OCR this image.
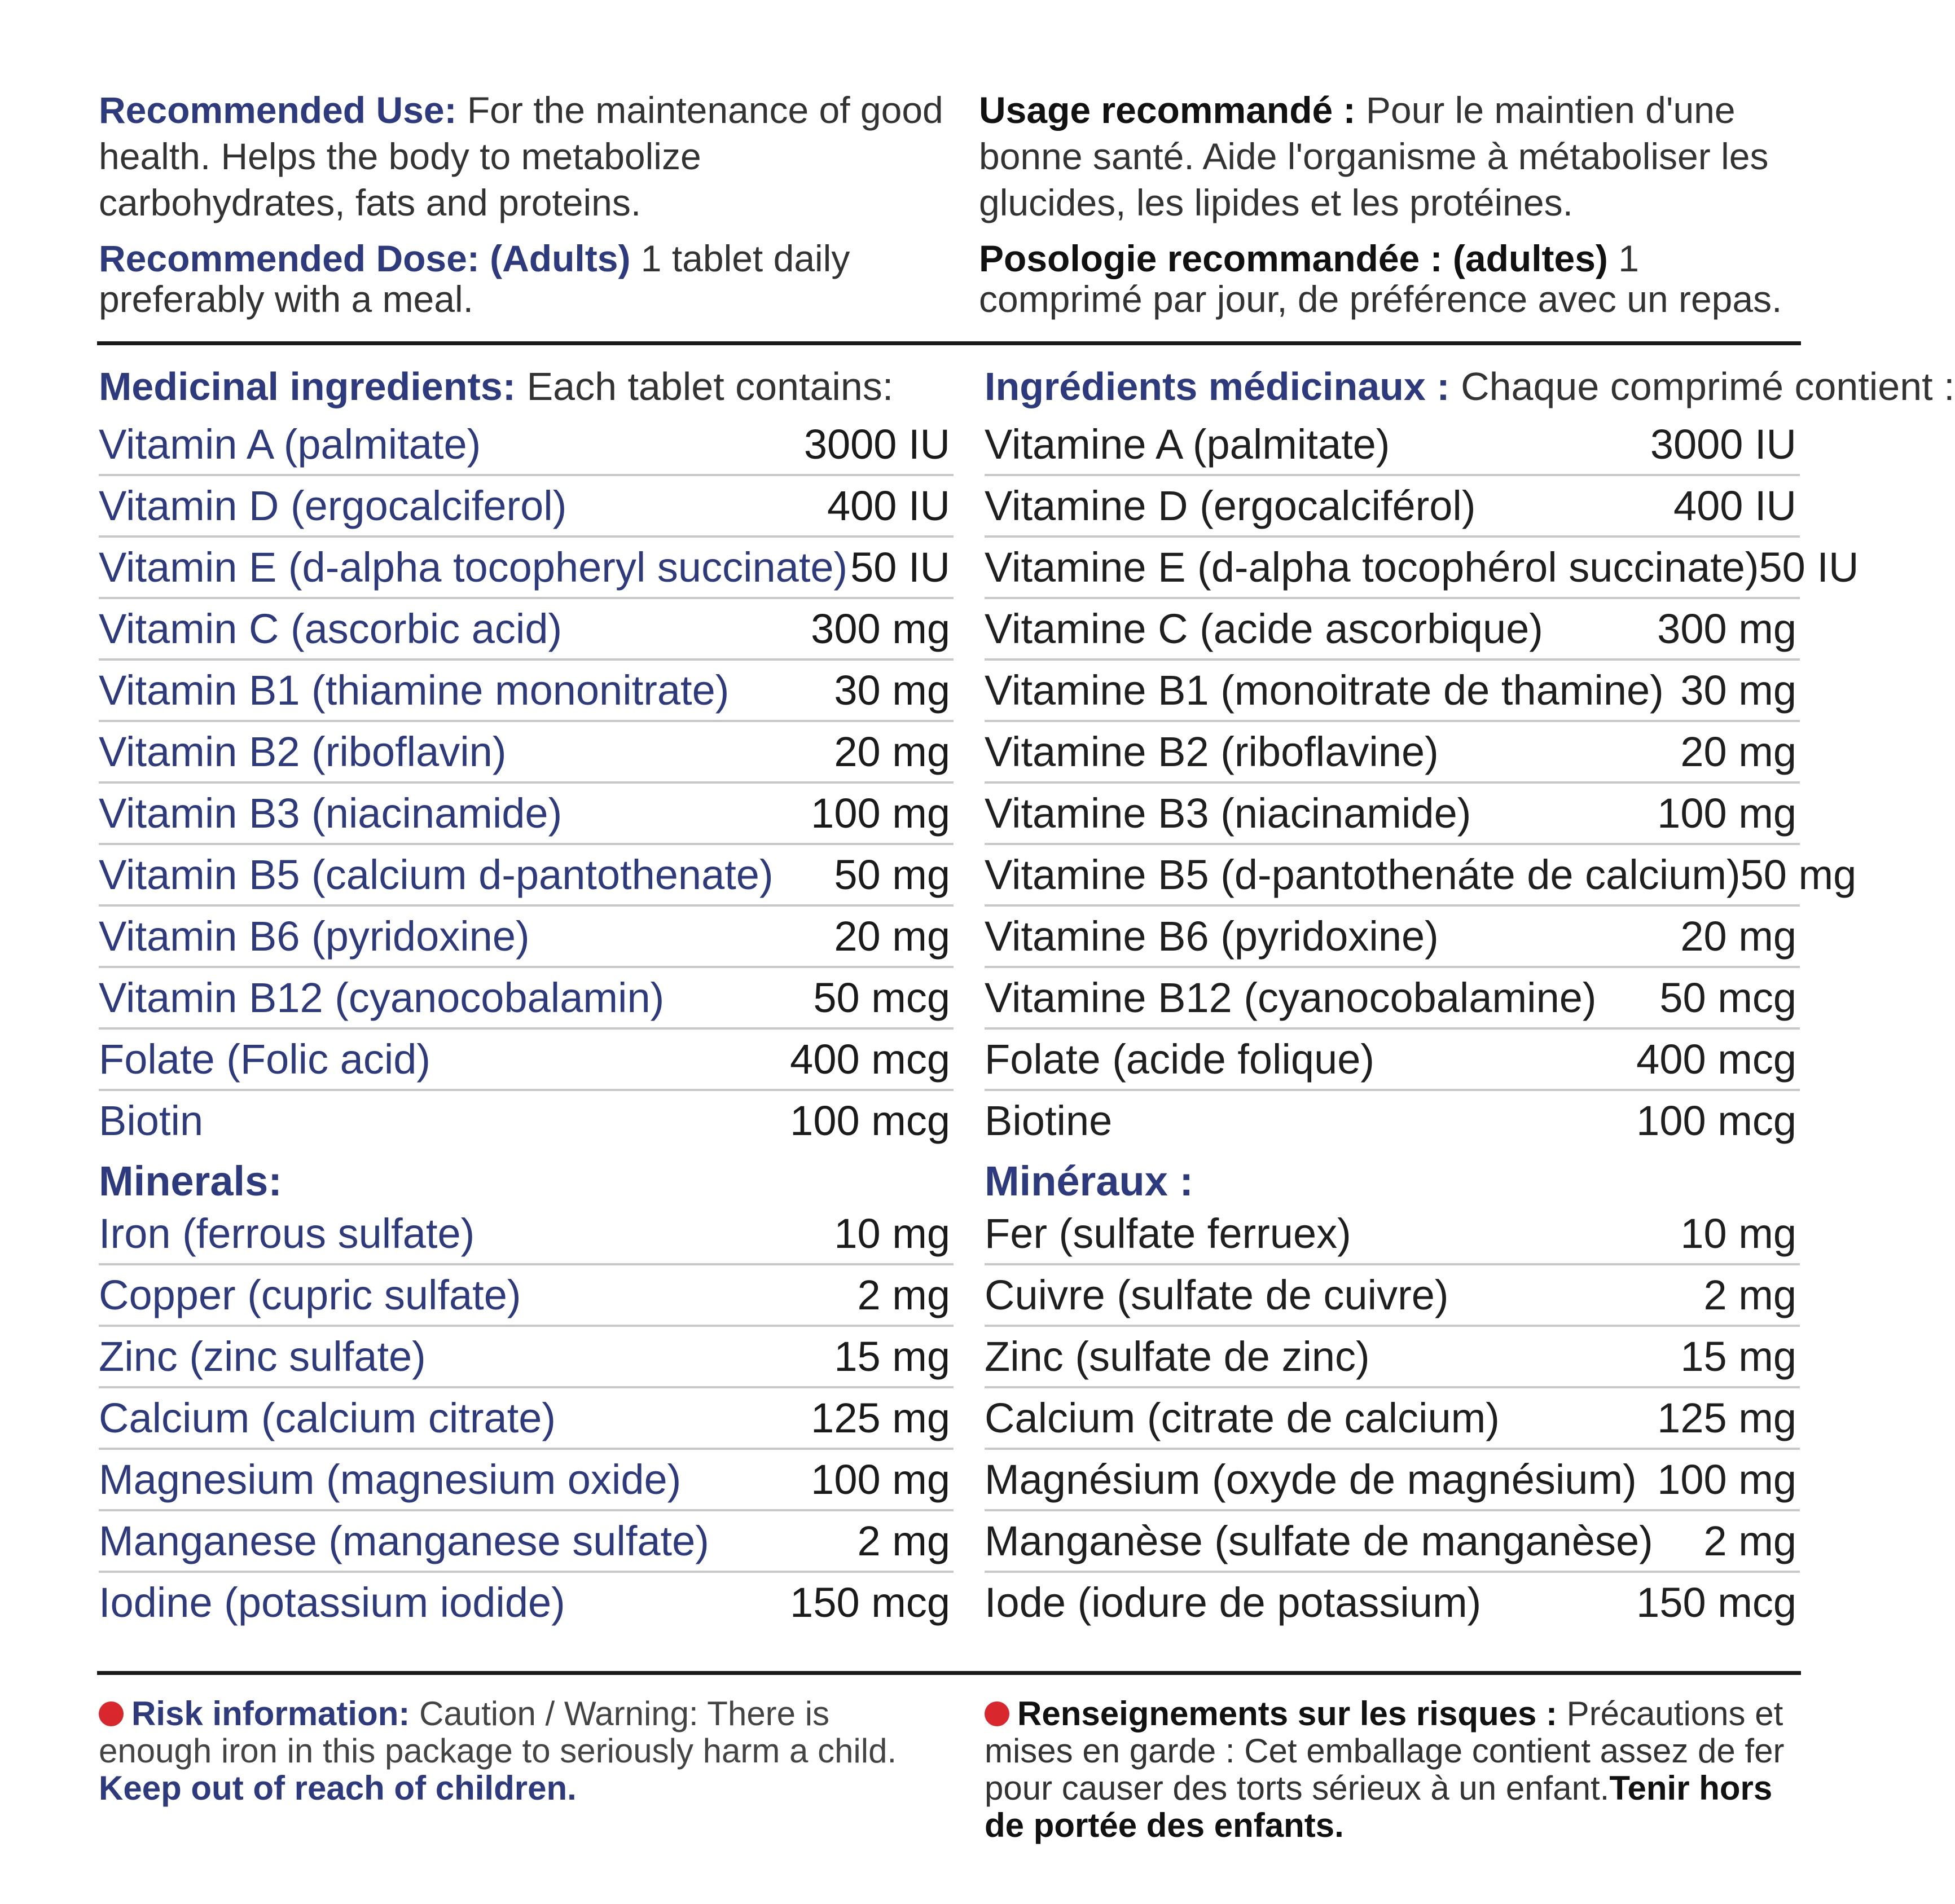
Recommended Use: For the maintenance of good health. Helps the body to metabolize carbohydrates, fats and proteins.
Recommended Dose: (Adults) 1 tablet daily preferably with a meal.
Usage recommandé : Pour le maintien d'une bonne santé. Aide l'organisme à métaboliser les glucides, les lipides et les protéines.
Posologie recommandée : (adultes) 1 comprimé par jour, de préférence avec un repas.
Medicinal ingredients: Each tablet contains:
Vitamin A (palmitate)	3000 IU
Vitamin D (ergocalciferol)	400 IU
Vitamin E (d-alpha tocopheryl succinate) 50 IU
Vitamin C (ascorbic acid)	300 mg
Vitamin B1 (thiamine mononitrate)	30 mg
Vitamin B2 (riboflavin)	20 mg
Vitamin B3 (niacinamide)	100 mg
Vitamin B5 (calcium d-pantothenate) 50 mg
Vitamin B6 (pyridoxine)	20 mg
Vitamin B12 (cyanocobalamin)	50 mcg
Folate (Folic acid)	400 mcg
Biotin	100 mcg
Minerals:
Iron (ferrous sulfate)	10 mg
Copper (cupric sulfate)	2 mg
Zinc (zinc sulfate)	15 mg
Calcium (calcium citrate)	125 mg
Magnesium (magnesium oxide)	100 mg
Manganese (manganese sulfate)	2 mg
Iodine (potassium iodide)	150 mcg
Ingrédients médicinaux : Chaque comprimé contient :
Vitamine A (palmitate)	3000 IU
Vitamine D (ergocalciférol)	400 IU
Vitamine E (d-alpha tocophérol succinate) 50 IU
Vitamine C (acide ascorbique)	300 mg
Vitamine B1 (monoitrate de thamine) 30 mg
Vitamine B2 (riboflavine)	20 mg
Vitamine B3 (niacinamide)	100 mg
Vitamine B5 (d-pantothenáte de calcium) 50 mg
Vitamine B6 (pyridoxine)	20 mg
Vitamine B12 (cyanocobalamine) 50 mcg
Folate (acide folique)	400 mcg
Biotine	100 mcg
Minéraux :
Fer (sulfate ferruex)	10 mg
Cuivre (sulfate de cuivre)	2 mg
Zinc (sulfate de zinc)	15 mg
Calcium (citrate de calcium)	125 mg
Magnésium (oxyde de magnésium) 100 mg
Manganèse (sulfate de manganèse) 2 mg
Iode (iodure de potassium)	150 mcg
Risk information: Caution / Warning: There is enough iron in this package to seriously harm a child. Keep out of reach of children.
Renseignements sur les risques : Précautions et mises en garde : Cet emballage contient assez de fer pour causer des torts sérieux à un enfant.Tenir hors de portée des enfants.
